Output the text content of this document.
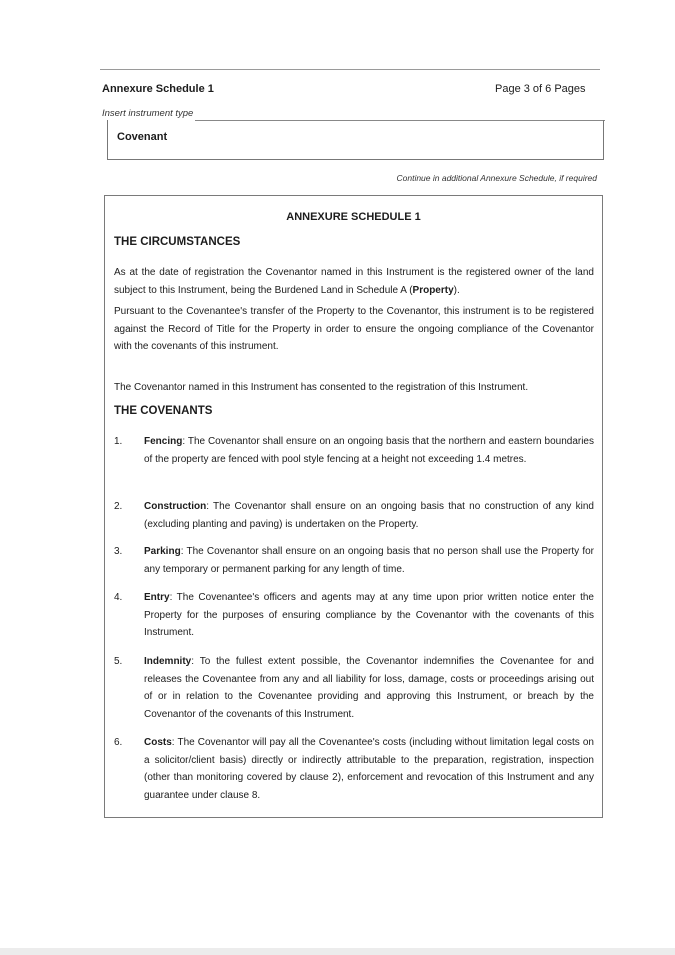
Annexure Schedule 1	Page 3 of 6 Pages
Insert instrument type
Covenant
Continue in additional Annexure Schedule, if required
ANNEXURE SCHEDULE 1
THE CIRCUMSTANCES
As at the date of registration the Covenantor named in this Instrument is the registered owner of the land subject to this Instrument, being the Burdened Land in Schedule A (Property).
Pursuant to the Covenantee's transfer of the Property to the Covenantor, this instrument is to be registered against the Record of Title for the Property in order to ensure the ongoing compliance of the Covenantor with the covenants of this instrument.
The Covenantor named in this Instrument has consented to the registration of this Instrument.
THE COVENANTS
1.	Fencing: The Covenantor shall ensure on an ongoing basis that the northern and eastern boundaries of the property are fenced with pool style fencing at a height not exceeding 1.4 metres.
2.	Construction: The Covenantor shall ensure on an ongoing basis that no construction of any kind (excluding planting and paving) is undertaken on the Property.
3.	Parking: The Covenantor shall ensure on an ongoing basis that no person shall use the Property for any temporary or permanent parking for any length of time.
4.	Entry: The Covenantee's officers and agents may at any time upon prior written notice enter the Property for the purposes of ensuring compliance by the Covenantor with the covenants of this Instrument.
5.	Indemnity: To the fullest extent possible, the Covenantor indemnifies the Covenantee for and releases the Covenantee from any and all liability for loss, damage, costs or proceedings arising out of or in relation to the Covenantee providing and approving this Instrument, or breach by the Covenantor of the covenants of this Instrument.
6.	Costs: The Covenantor will pay all the Covenantee's costs (including without limitation legal costs on a solicitor/client basis) directly or indirectly attributable to the preparation, registration, inspection (other than monitoring covered by clause 2), enforcement and revocation of this Instrument and any guarantee under clause 8.
